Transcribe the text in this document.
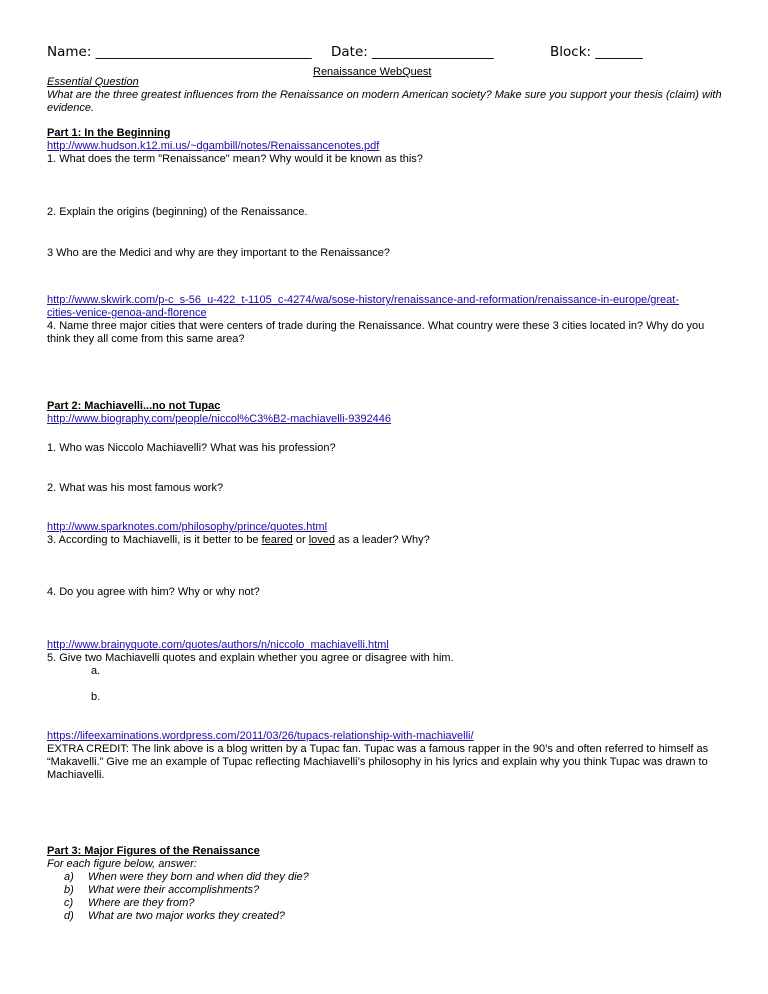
Name: ________________________________ Date: __________________	Block: _______
Renaissance WebQuest
Essential Question
What are the three greatest influences from the Renaissance on modern American society? Make sure you support your thesis (claim) with evidence.
Part 1: In the Beginning
http://www.hudson.k12.mi.us/~dgambill/notes/Renaissancenotes.pdf
1. What does the term "Renaissance" mean? Why would it be known as this?
2. Explain the origins (beginning) of the Renaissance.
3 Who are the Medici and why are they important to the Renaissance?
http://www.skwirk.com/p-c_s-56_u-422_t-1105_c-4274/wa/sose-history/renaissance-and-reformation/renaissance-in-europe/great-
cities-venice-genoa-and-florence
4. Name three major cities that were centers of trade during the Renaissance. What country were these 3 cities located in? Why do you think they all come from this same area?
Part 2: Machiavelli...no not Tupac
http://www.biography.com/people/niccol%C3%B2-machiavelli-9392446
1. Who was Niccolo Machiavelli? What was his profession?
2. What was his most famous work?
http://www.sparknotes.com/philosophy/prince/quotes.html
3. According to Machiavelli, is it better to be feared or loved as a leader? Why?
4. Do you agree with him? Why or why not?
http://www.brainyquote.com/quotes/authors/n/niccolo_machiavelli.html
5. Give two Machiavelli quotes and explain whether you agree or disagree with him.
a.
b.
https://lifeexaminations.wordpress.com/2011/03/26/tupacs-relationship-with-machiavelli/
EXTRA CREDIT: The link above is a blog written by a Tupac fan. Tupac was a famous rapper in the 90’s and often referred to himself as “Makavelli.” Give me an example of Tupac reflecting Machiavelli’s philosophy in his lyrics and explain why you think Tupac was drawn to Machiavelli.
Part 3: Major Figures of the Renaissance
For each figure below, answer:
a) When were they born and when did they die?
b) What were their accomplishments?
c) Where are they from?
d) What are two major works they created?
